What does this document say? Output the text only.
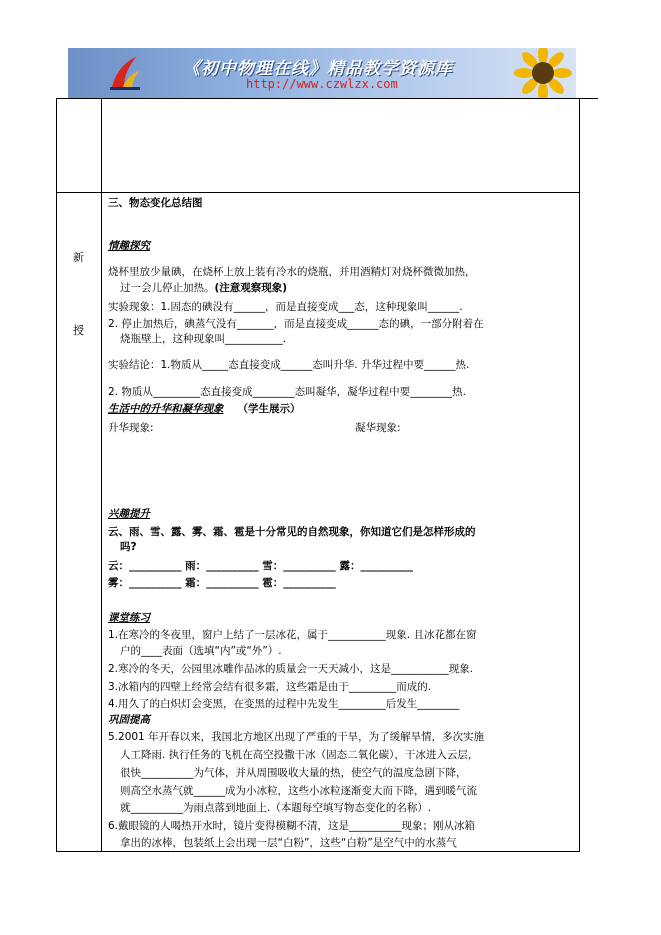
《初中物理在线》精品教学资源库
http://www.czwlzx.com
新
授
三、物态变化总结图
情趣探究
烧杯里放少量碘，在烧杯上放上装有冷水的烧瓶，并用酒精灯对烧杯微微加热，
过一会儿停止加热。(注意观察现象)
实验现象：1.固态的碘没有______，而是直接变成___态，这种现象叫______.
2. 停止加热后，碘蒸气没有_______，而是直接变成______态的碘，一部分附着在
烧瓶壁上，这种现象叫___________.
实验结论：1.物质从_____态直接变成______态叫升华. 升华过程中要______热.
2. 物质从_________态直接变成________态叫凝华，凝华过程中要________热.
生活中的升华和凝华现象 （学生展示）
升华现象:	凝华现象:
兴趣提升
云、雨、雪、露、雾、霜、雹是十分常见的自然现象，你知道它们是怎样形成的
吗?
云：__________ 雨：__________ 雪：__________ 露：__________
雾：__________ 霜：__________ 雹：__________
课堂练习
1.在寒冷的冬夜里，窗户上结了一层冰花，属于___________现象. 且冰花都在窗
户的____表面（选填“内”或“外”）.
2.寒冷的冬天，公园里冰雕作品冰的质量会一天天减小，这是___________现象.
3.冰箱内的四壁上经常会结有很多霜，这些霜是由于_________而成的.
4.用久了的白炽灯会变黑，在变黑的过程中先发生_________后发生________
巩固提高
5.2001 年开春以来，我国北方地区出现了严重的干旱，为了缓解旱情，多次实施
人工降雨. 执行任务的飞机在高空投撒干冰（固态二氧化碳），干冰进入云层，
很快__________为气体，并从周围吸收大量的热，使空气的温度急剧下降，
则高空水蒸气就______成为小冰粒，这些小冰粒逐渐变大而下降，遇到暖气流
就__________为雨点落到地面上.（本题每空填写物态变化的名称）.
6.戴眼镜的人喝热开水时，镜片变得模糊不清，这是__________现象；刚从冰箱
拿出的冰棒，包装纸上会出现一层“白粉”，这些“白粉”是空气中的水蒸气
